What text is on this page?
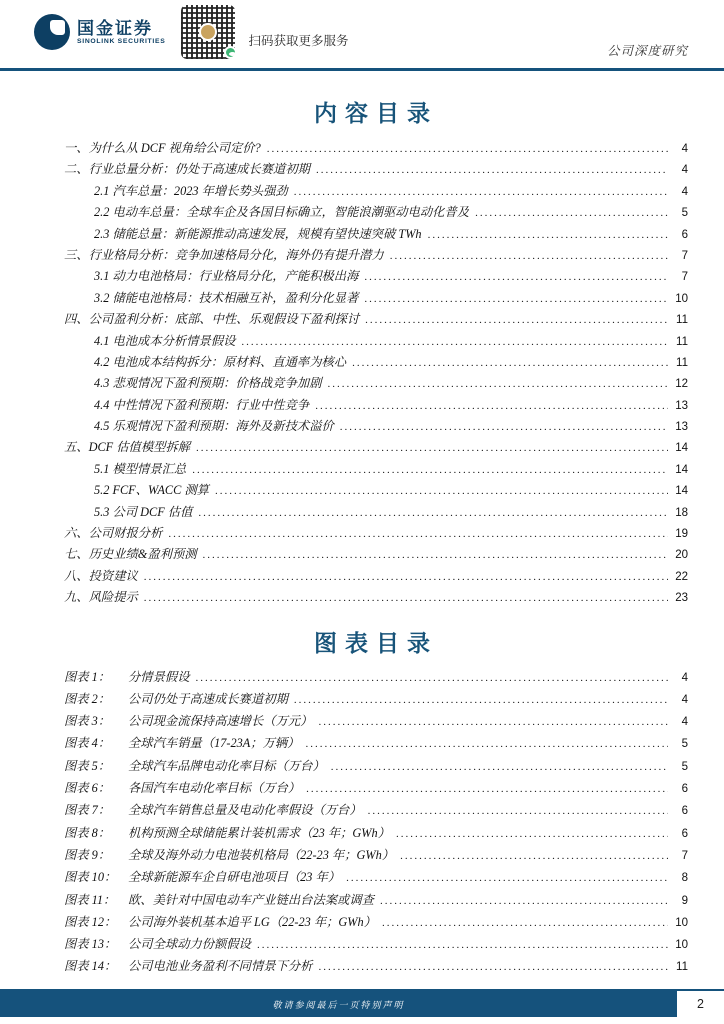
国金证券
SINOLINK SECURITIES	扫码获取更多服务
公司深度研究
内容目录
一、为什么从 DCF 视角给公司定价? .....	4
二、行业总量分析：仍处于高速成长赛道初期 .....	4
2.1 汽车总量：2023 年增长势头强劲 .....	4
2.2 电动车总量：全球车企及各国目标确立，智能浪潮驱动电动化普及 .....	5
2.3 储能总量：新能源推动高速发展，规模有望快速突破 TWh .....	6
三、行业格局分析：竞争加速格局分化，海外仍有提升潜力 .....	7
3.1 动力电池格局：行业格局分化，产能积极出海 .....	7
3.2 储能电池格局：技术相融互补，盈利分化显著 .....	10
四、公司盈利分析：底部、中性、乐观假设下盈利探讨 .....	11
4.1 电池成本分析情景假设 .....	11
4.2 电池成本结构拆分：原材料、直通率为核心 .....	11
4.3 悲观情况下盈利预期：价格战竞争加剧 .....	12
4.4 中性情况下盈利预期：行业中性竞争 .....	13
4.5 乐观情况下盈利预期：海外及新技术溢价 .....	13
五、DCF 估值模型拆解 .....	14
5.1 模型情景汇总 .....	14
5.2 FCF、WACC 测算 .....	14
5.3 公司 DCF 估值 .....	18
六、公司财报分析 .....	19
七、历史业绩&盈利预测 .....	20
八、投资建议 .....	22
九、风险提示 .....	23
图表目录
图表 1：	分情景假设 .....	4
图表 2：	公司仍处于高速成长赛道初期 .....	4
图表 3：	公司现金流保持高速增长（万元） .....	4
图表 4：	全球汽车销量（17-23A；万辆） .....	5
图表 5：	全球汽车品牌电动化率目标（万台） .....	5
图表 6：	各国汽车电动化率目标（万台） .....	6
图表 7：	全球汽车销售总量及电动化率假设（万台） .....	6
图表 8：	机构预测全球储能累计装机需求（23 年；GWh） .....	6
图表 9：	全球及海外动力电池装机格局（22-23 年；GWh） .....	7
图表 10： 全球新能源车企自研电池项目（23 年） .....	8
图表 11：	欧、美针对中国电动车产业链出台法案或调查 .....	9
图表 12： 公司海外装机基本追平 LG（22-23 年；GWh） .....	10
图表 13： 公司全球动力份额假设 .....	10
图表 14： 公司电池业务盈利不同情景下分析 .....	11
敬请参阅最后一页特别声明	2
